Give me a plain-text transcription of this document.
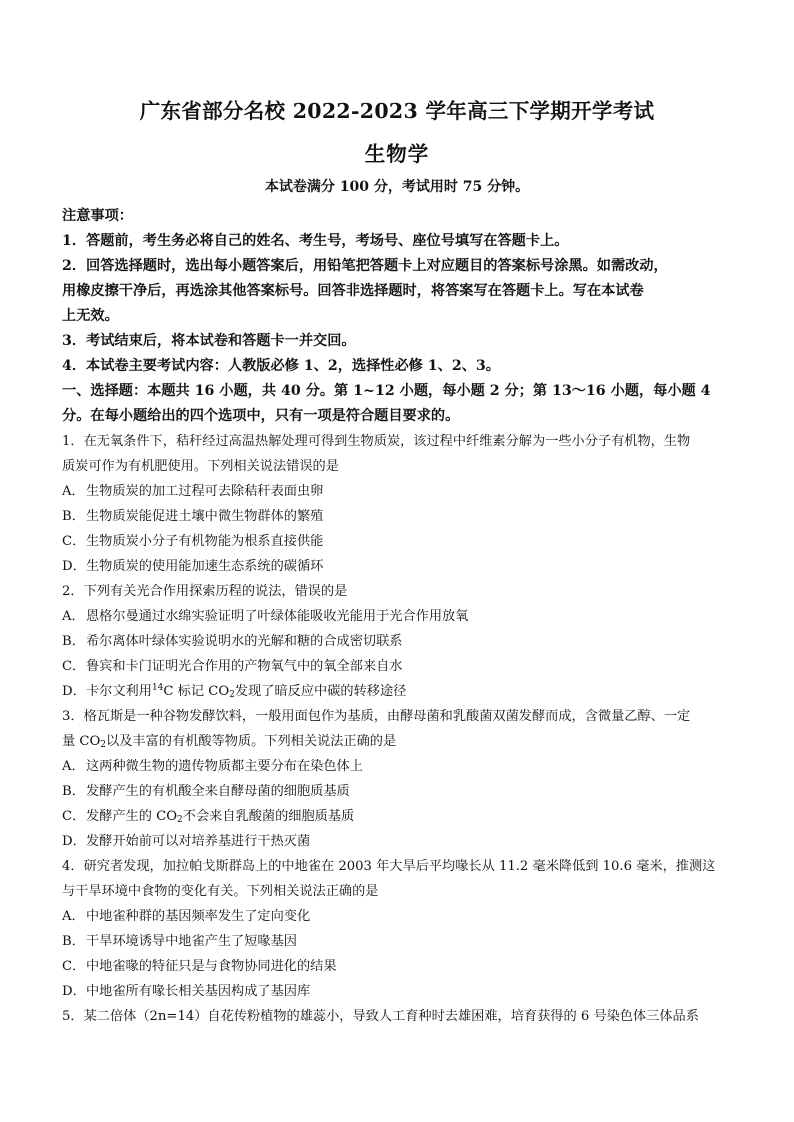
广东省部分名校 2022-2023 学年高三下学期开学考试
生物学
本试卷满分 100 分，考试用时 75 分钟。
注意事项：
1．答题前，考生务必将自己的姓名、考生号，考场号、座位号填写在答题卡上。
2．回答选择题时，选出每小题答案后，用铅笔把答题卡上对应题目的答案标号涂黑。如需改动，
用橡皮擦干净后，再选涂其他答案标号。回答非选择题时，将答案写在答题卡上。写在本试卷
上无效。
3．考试结束后，将本试卷和答题卡一并交回。
4．本试卷主要考试内容：人教版必修 1、2，选择性必修 1、2、3。
一、选择题：本题共 16 小题，共 40 分。第 1~12 小题，每小题 2 分；第 13～16 小题，每小题 4
分。在每小题给出的四个选项中，只有一项是符合题目要求的。
1．在无氧条件下，秸秆经过高温热解处理可得到生物质炭，该过程中纤维素分解为一些小分子有机物，生物
质炭可作为有机肥使用。下列相关说法错误的是
A．生物质炭的加工过程可去除秸秆表面虫卵
B．生物质炭能促进土壤中微生物群体的繁殖
C．生物质炭小分子有机物能为根系直接供能
D．生物质炭的使用能加速生态系统的碳循环
2．下列有关光合作用探索历程的说法，错误的是
A．恩格尔曼通过水绵实验证明了叶绿体能吸收光能用于光合作用放氧
B．希尔离体叶绿体实验说明水的光解和糖的合成密切联系
C．鲁宾和卡门证明光合作用的产物氧气中的氧全部来自水
D．卡尔文利用$^{14}$C 标记 $CO_2$发现了暗反应中碳的转移途径
3．格瓦斯是一种谷物发酵饮料，一般用面包作为基质，由酵母菌和乳酸菌双菌发酵而成，含微量乙醇、一定
量 $CO_2$以及丰富的有机酸等物质。下列相关说法正确的是
A．这两种微生物的遗传物质都主要分布在染色体上
B．发酵产生的有机酸全来自酵母菌的细胞质基质
C．发酵产生的 $CO_2$不会来自乳酸菌的细胞质基质
D．发酵开始前可以对培养基进行干热灭菌
4．研究者发现，加拉帕戈斯群岛上的中地雀在 2003 年大旱后平均喙长从 11.2 毫米降低到 10.6 毫米，推测这
与干旱环境中食物的变化有关。下列相关说法正确的是
A．中地雀种群的基因频率发生了定向变化
B．干旱环境诱导中地雀产生了短喙基因
C．中地雀喙的特征只是与食物协同进化的结果
D．中地雀所有喙长相关基因构成了基因库
5．某二倍体（2n=14）自花传粉植物的雄蕊小，导致人工育种时去雄困难，培育获得的 6 号染色体三体品系
